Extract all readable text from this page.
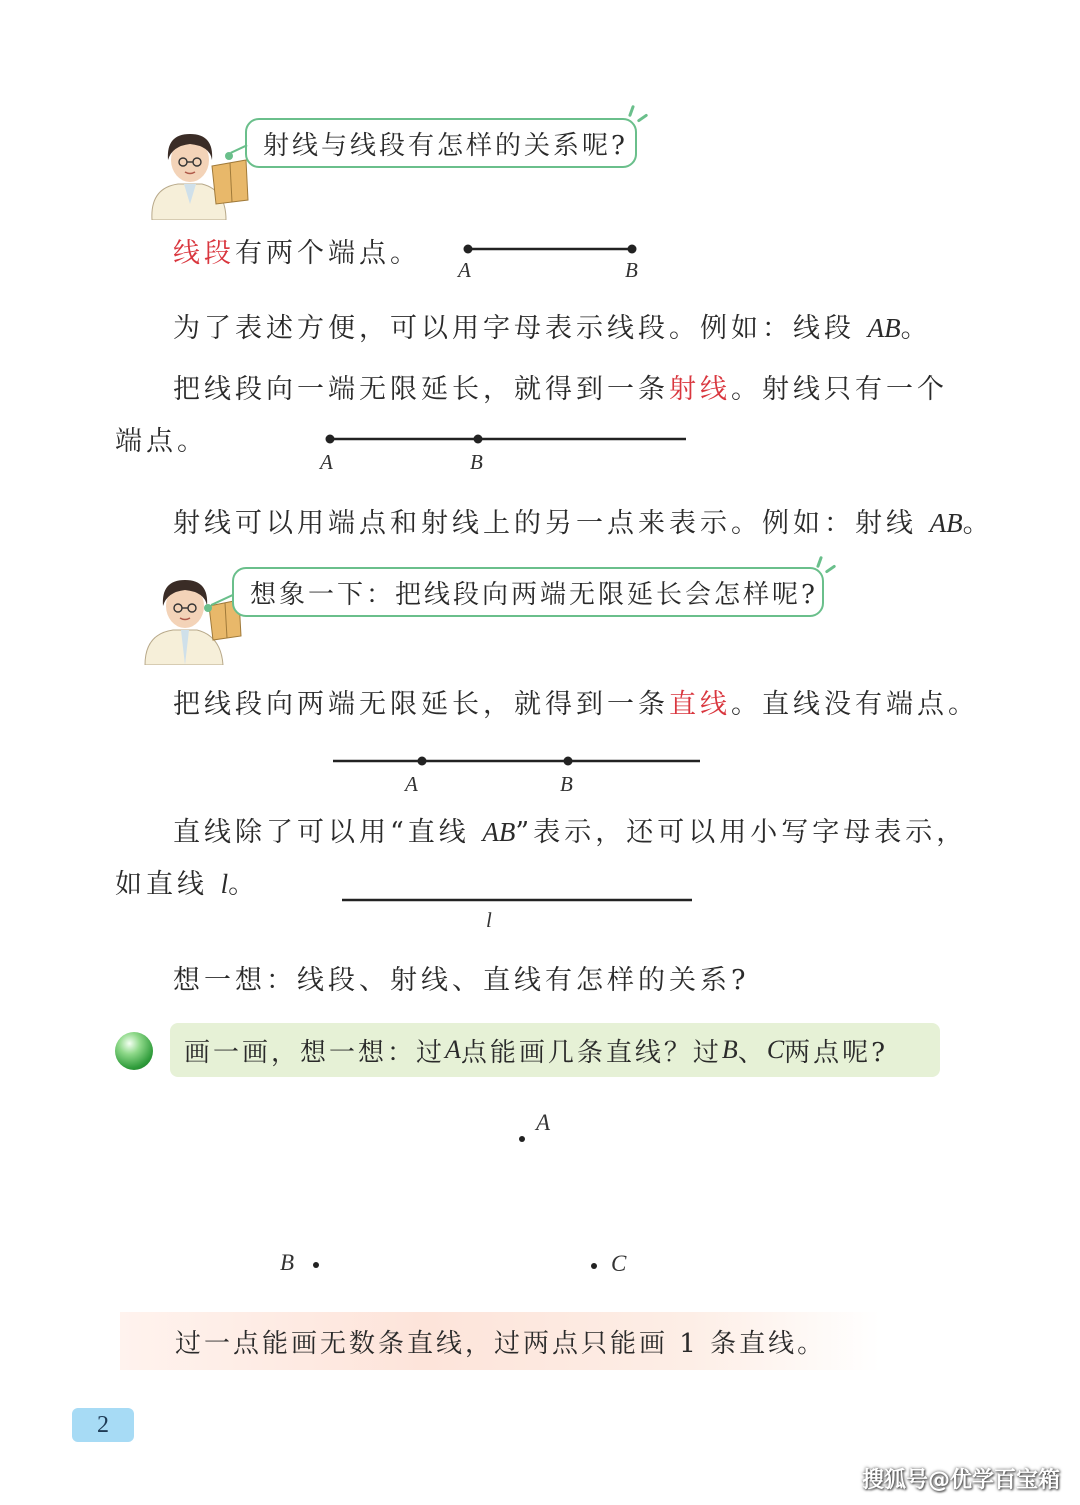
射线与线段有怎样的关系呢?
线段有两个端点。
A	B
为了表述方便，可以用字母表示线段。例如：线段 AB。
把线段向一端无限延长，就得到一条射线。射线只有一个
端点。
A	B
射线可以用端点和射线上的另一点来表示。例如：射线 AB。
想象一下：把线段向两端无限延长会怎样呢?
把线段向两端无限延长，就得到一条直线。直线没有端点。
A	B
直线除了可以用“直线 AB”表示，还可以用小写字母表示，
如直线 l。
l
想一想：线段、射线、直线有怎样的关系?
画一画，想一想：过 A 点能画几条直线？过 B 、 C 两点呢?
A
B	C
过一点能画无数条直线，过两点只能画 1 条直线。
2
搜狐号@优学百宝箱
